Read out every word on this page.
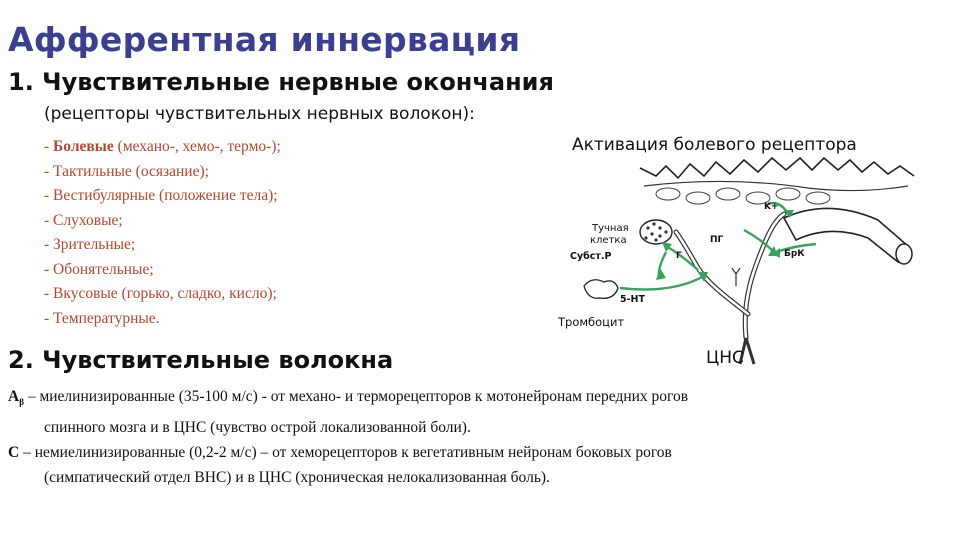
Афферентная иннервация
1. Чувствительные нервные окончания

(рецепторы чувствительных нервных волокон):

- Болевые (механо-, хемо-, термо-);
- Тактильные (осязание);
- Вестибулярные (положение тела);
- Слуховые;
- Зрительные;
- Обонятельные;
- Вкусовые (горько, сладко, кисло);
- Температурные.
2. Чувствительные волокна

$А_\beta$ – миелинизированные (35-100 м/с) - от механо- и терморецепторов к мотонейронам передних рогов

спинного мозга и в ЦНС (чувство острой локализованной боли).

С – немиелинизированные (0,2-2 м/с) – от хеморецепторов к вегетативным нейронам боковых рогов

(симпатический отдел ВНС) и в ЦНС (хроническая нелокализованная боль).

Активация болевого рецептора
Тучная
клетка
Субст.Р
K+
ПГ
Г	БрК
5-НТ
Тромбоцит
ЦНС
